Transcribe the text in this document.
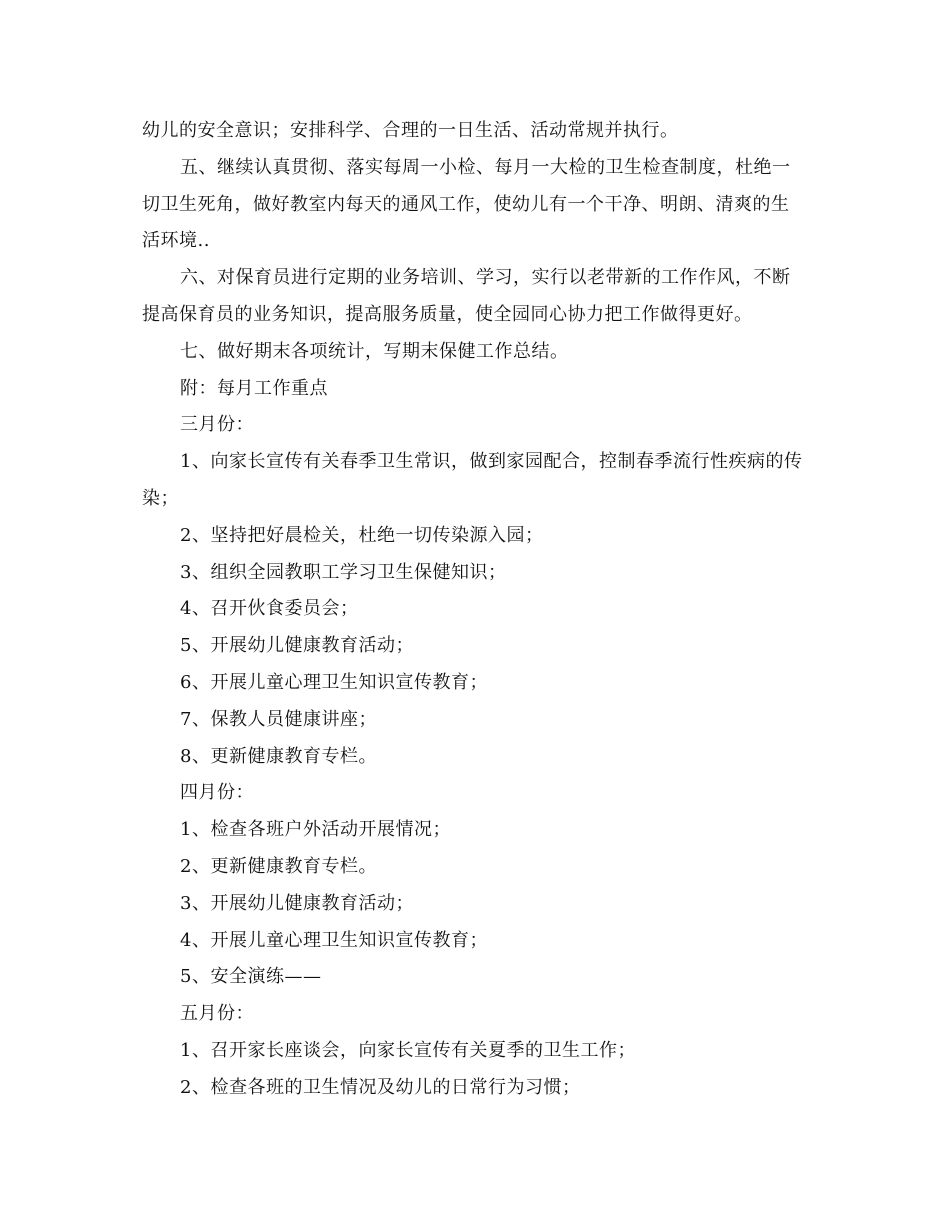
幼儿的安全意识；安排科学、合理的一日生活、活动常规并执行。
五、继续认真贯彻、落实每周一小检、每月一大检的卫生检查制度，杜绝一
切卫生死角，做好教室内每天的通风工作，使幼儿有一个干净、明朗、清爽的生
活环境..
六、对保育员进行定期的业务培训、学习，实行以老带新的工作作风，不断
提高保育员的业务知识，提高服务质量，使全园同心协力把工作做得更好。
七、做好期末各项统计，写期末保健工作总结。
附：每月工作重点
三月份：
1、向家长宣传有关春季卫生常识，做到家园配合，控制春季流行性疾病的传
染；
2、坚持把好晨检关，杜绝一切传染源入园；
3、组织全园教职工学习卫生保健知识；
4、召开伙食委员会；
5、开展幼儿健康教育活动；
6、开展儿童心理卫生知识宣传教育；
7、保教人员健康讲座；
8、更新健康教育专栏。
四月份：
1、检查各班户外活动开展情况；
2、更新健康教育专栏。
3、开展幼儿健康教育活动；
4、开展儿童心理卫生知识宣传教育；
5、安全演练——
五月份：
1、召开家长座谈会，向家长宣传有关夏季的卫生工作；
2、检查各班的卫生情况及幼儿的日常行为习惯；
